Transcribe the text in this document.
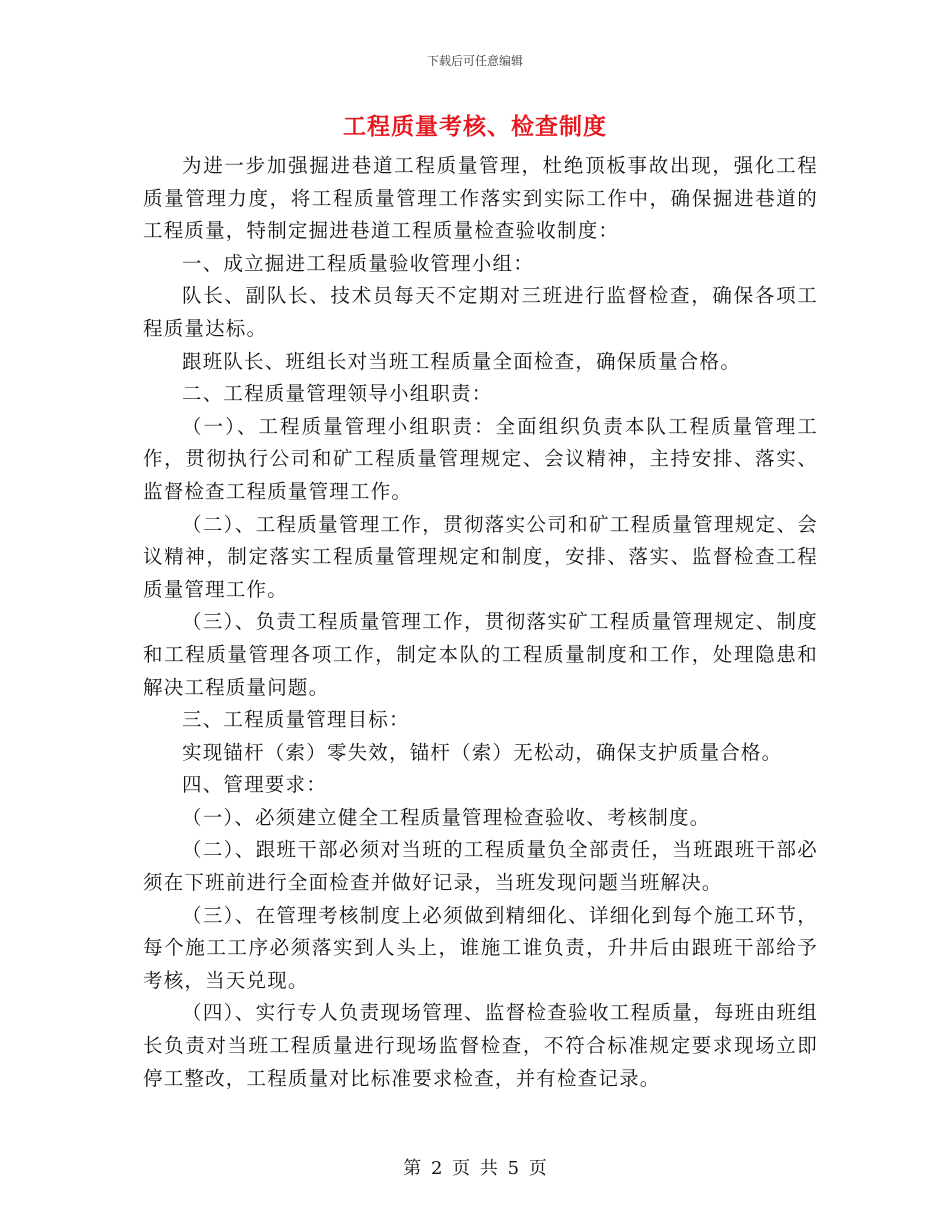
下载后可任意编辑
工程质量考核、检查制度

为进一步加强掘进巷道工程质量管理，杜绝顶板事故出现，强化工程质量管理力度，将工程质量管理工作落实到实际工作中，确保掘进巷道的工程质量，特制定掘进巷道工程质量检查验收制度：

一、成立掘进工程质量验收管理小组：

队长、副队长、技术员每天不定期对三班进行监督检查，确保各项工程质量达标。

跟班队长、班组长对当班工程质量全面检查，确保质量合格。

二、工程质量管理领导小组职责：

（一）、工程质量管理小组职责：全面组织负责本队工程质量管理工作，贯彻执行公司和矿工程质量管理规定、会议精神，主持安排、落实、监督检查工程质量管理工作。

（二）、工程质量管理工作，贯彻落实公司和矿工程质量管理规定、会议精神，制定落实工程质量管理规定和制度，安排、落实、监督检查工程质量管理工作。

（三）、负责工程质量管理工作，贯彻落实矿工程质量管理规定、制度和工程质量管理各项工作，制定本队的工程质量制度和工作，处理隐患和解决工程质量问题。

三、工程质量管理目标：

实现锚杆（索）零失效，锚杆（索）无松动，确保支护质量合格。

四、管理要求：

（一）、必须建立健全工程质量管理检查验收、考核制度。

（二）、跟班干部必须对当班的工程质量负全部责任，当班跟班干部必须在下班前进行全面检查并做好记录，当班发现问题当班解决。

（三）、在管理考核制度上必须做到精细化、详细化到每个施工环节，每个施工工序必须落实到人头上，谁施工谁负责，升井后由跟班干部给予考核，当天兑现。

（四）、实行专人负责现场管理、监督检查验收工程质量，每班由班组长负责对当班工程质量进行现场监督检查，不符合标准规定要求现场立即停工整改，工程质量对比标准要求检查，并有检查记录。

第 2 页 共 5 页
